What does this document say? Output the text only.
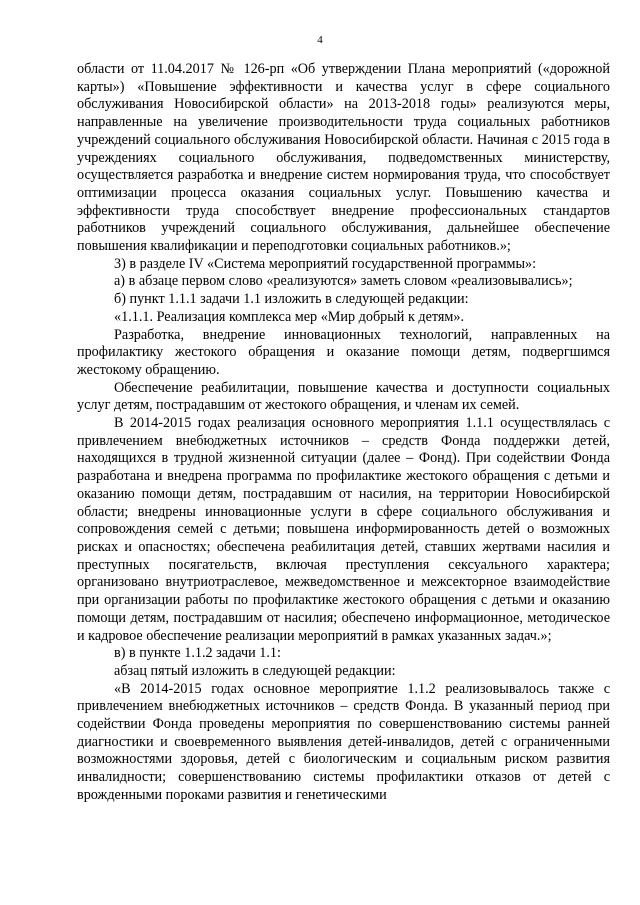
4

области от 11.04.2017 № 126-рп «Об утверждении Плана мероприятий («дорожной карты») «Повышение эффективности и качества услуг в сфере социального обслуживания Новосибирской области» на 2013-2018 годы» реализуются меры, направленные на увеличение производительности труда социальных работников учреждений социального обслуживания Новосибирской области. Начиная с 2015 года в учреждениях социального обслуживания, подведомственных министерству, осуществляется разработка и внедрение систем нормирования труда, что способствует оптимизации процесса оказания социальных услуг. Повышению качества и эффективности труда способствует внедрение профессиональных стандартов работников учреждений социального обслуживания, дальнейшее обеспечение повышения квалификации и переподготовки социальных работников.»;

3) в разделе IV «Система мероприятий государственной программы»:

а) в абзаце первом слово «реализуются» заметь словом «реализовывались»;

б) пункт 1.1.1 задачи 1.1 изложить в следующей редакции:

«1.1.1. Реализация комплекса мер «Мир добрый к детям».

Разработка, внедрение инновационных технологий, направленных на профилактику жестокого обращения и оказание помощи детям, подвергшимся жестокому обращению.

Обеспечение реабилитации, повышение качества и доступности социальных услуг детям, пострадавшим от жестокого обращения, и членам их семей.

В 2014-2015 годах реализация основного мероприятия 1.1.1 осуществлялась с привлечением внебюджетных источников – средств Фонда поддержки детей, находящихся в трудной жизненной ситуации (далее – Фонд). При содействии Фонда разработана и внедрена программа по профилактике жестокого обращения с детьми и оказанию помощи детям, пострадавшим от насилия, на территории Новосибирской области; внедрены инновационные услуги в сфере социального обслуживания и сопровождения семей с детьми; повышена информированность детей о возможных рисках и опасностях; обеспечена реабилитация детей, ставших жертвами насилия и преступных посягательств, включая преступления сексуального характера; организовано внутриотраслевое, межведомственное и межсекторное взаимодействие при организации работы по профилактике жестокого обращения с детьми и оказанию помощи детям, пострадавшим от насилия; обеспечено информационное, методическое и кадровое обеспечение реализации мероприятий в рамках указанных задач.»;

в) в пункте 1.1.2 задачи 1.1:

абзац пятый изложить в следующей редакции:

«В 2014-2015 годах основное мероприятие 1.1.2 реализовывалось также с привлечением внебюджетных источников – средств Фонда. В указанный период при содействии Фонда проведены мероприятия по совершенствованию системы ранней диагностики и своевременного выявления детей-инвалидов, детей с ограниченными возможностями здоровья, детей с биологическим и социальным риском развития инвалидности; совершенствованию системы профилактики отказов от детей с врожденными пороками развития и генетическими
